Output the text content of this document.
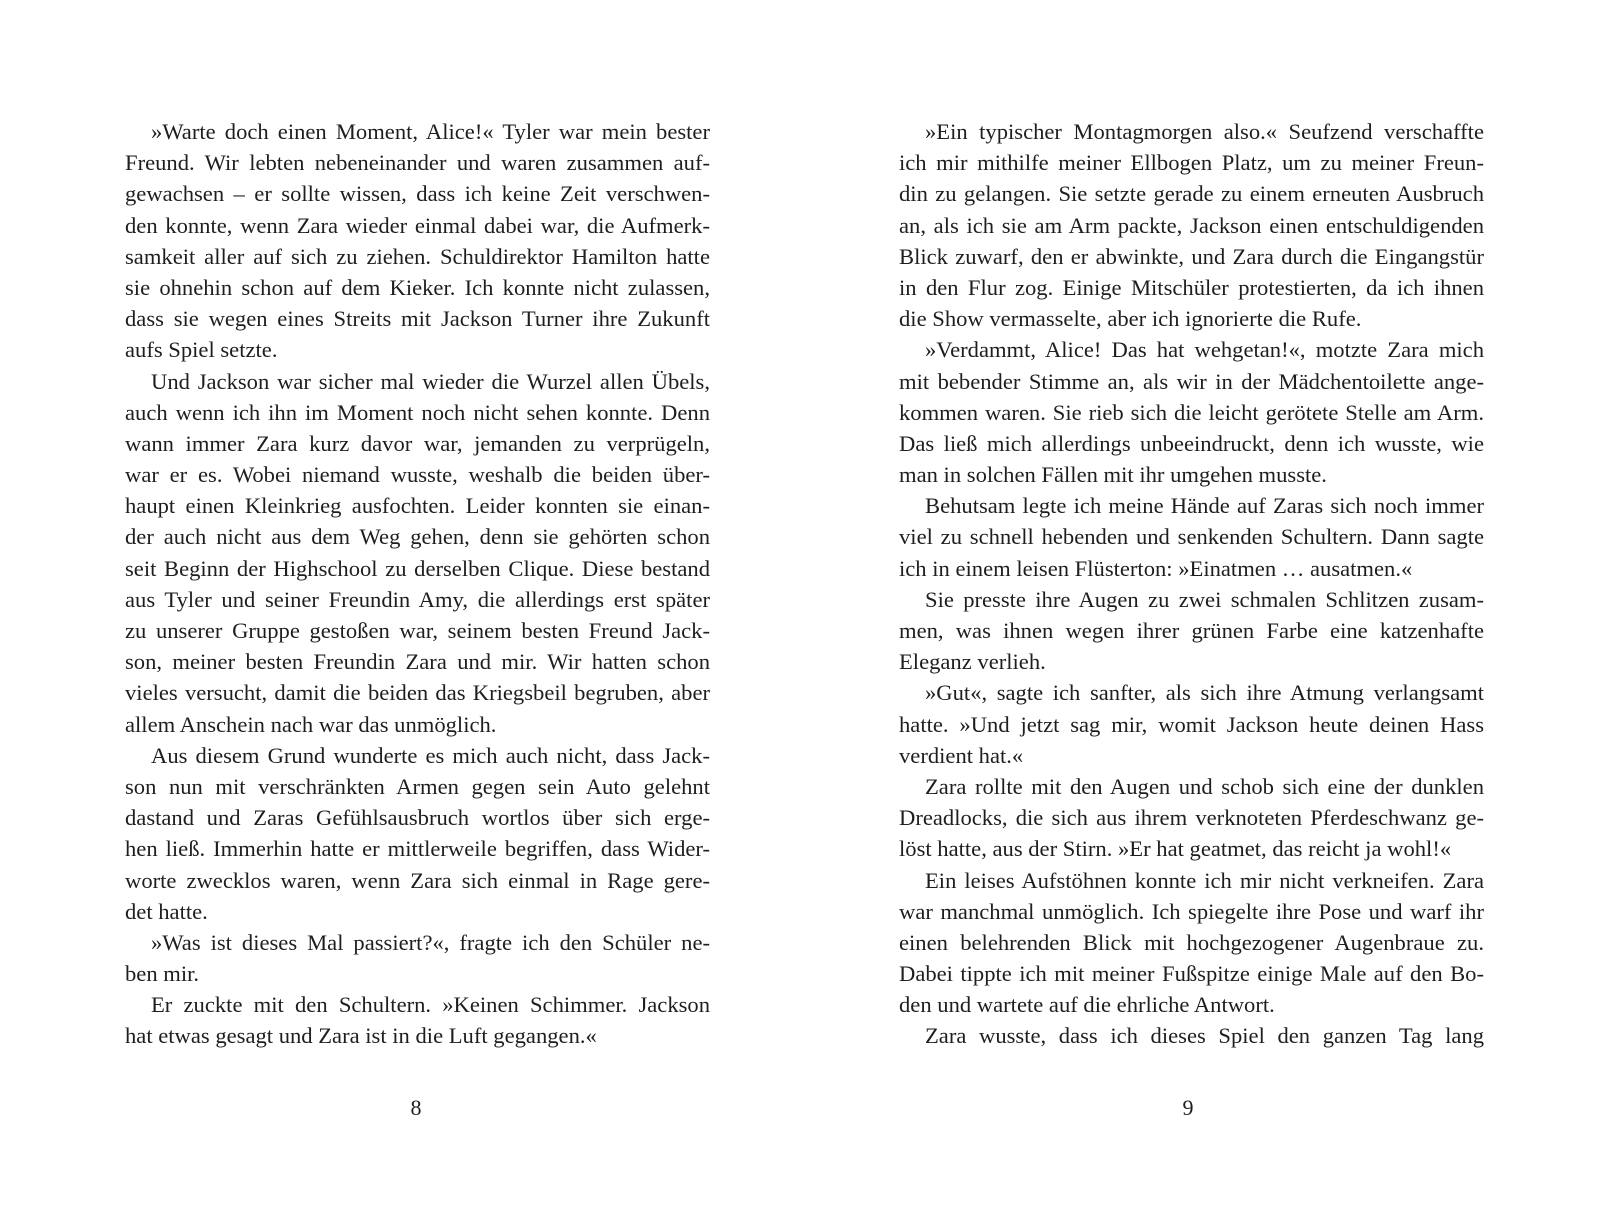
»Warte doch einen Moment, Alice!« Tyler war mein bester
Freund. Wir lebten nebeneinander und waren zusammen auf-
gewachsen – er sollte wissen, dass ich keine Zeit verschwen-
den konnte, wenn Zara wieder einmal dabei war, die Aufmerk-
samkeit aller auf sich zu ziehen. Schuldirektor Hamilton hatte
sie ohnehin schon auf dem Kieker. Ich konnte nicht zulassen,
dass sie wegen eines Streits mit Jackson Turner ihre Zukunft
aufs Spiel setzte.
Und Jackson war sicher mal wieder die Wurzel allen Übels,
auch wenn ich ihn im Moment noch nicht sehen konnte. Denn
wann immer Zara kurz davor war, jemanden zu verprügeln,
war er es. Wobei niemand wusste, weshalb die beiden über-
haupt einen Kleinkrieg ausfochten. Leider konnten sie einan-
der auch nicht aus dem Weg gehen, denn sie gehörten schon
seit Beginn der Highschool zu derselben Clique. Diese bestand
aus Tyler und seiner Freundin Amy, die allerdings erst später
zu unserer Gruppe gestoßen war, seinem besten Freund Jack-
son, meiner besten Freundin Zara und mir. Wir hatten schon
vieles versucht, damit die beiden das Kriegsbeil begruben, aber
allem Anschein nach war das unmöglich.
Aus diesem Grund wunderte es mich auch nicht, dass Jack-
son nun mit verschränkten Armen gegen sein Auto gelehnt
dastand und Zaras Gefühlsausbruch wortlos über sich erge-
hen ließ. Immerhin hatte er mittlerweile begriffen, dass Wider-
worte zwecklos waren, wenn Zara sich einmal in Rage gere-
det hatte.
»Was ist dieses Mal passiert?«, fragte ich den Schüler ne-
ben mir.
Er zuckte mit den Schultern. »Keinen Schimmer. Jackson
hat etwas gesagt und Zara ist in die Luft gegangen.«
8
»Ein typischer Montagmorgen also.« Seufzend verschaffte
ich mir mithilfe meiner Ellbogen Platz, um zu meiner Freun-
din zu gelangen. Sie setzte gerade zu einem erneuten Ausbruch
an, als ich sie am Arm packte, Jackson einen entschuldigenden
Blick zuwarf, den er abwinkte, und Zara durch die Eingangstür
in den Flur zog. Einige Mitschüler protestierten, da ich ihnen
die Show vermasselte, aber ich ignorierte die Rufe.
»Verdammt, Alice! Das hat wehgetan!«, motzte Zara mich
mit bebender Stimme an, als wir in der Mädchentoilette ange-
kommen waren. Sie rieb sich die leicht gerötete Stelle am Arm.
Das ließ mich allerdings unbeeindruckt, denn ich wusste, wie
man in solchen Fällen mit ihr umgehen musste.
Behutsam legte ich meine Hände auf Zaras sich noch immer
viel zu schnell hebenden und senkenden Schultern. Dann sagte
ich in einem leisen Flüsterton: »Einatmen … ausatmen.«
Sie presste ihre Augen zu zwei schmalen Schlitzen zusam-
men, was ihnen wegen ihrer grünen Farbe eine katzenhafte
Eleganz verlieh.
»Gut«, sagte ich sanfter, als sich ihre Atmung verlangsamt
hatte. »Und jetzt sag mir, womit Jackson heute deinen Hass
verdient hat.«
Zara rollte mit den Augen und schob sich eine der dunklen
Dreadlocks, die sich aus ihrem verknoteten Pferdeschwanz ge-
löst hatte, aus der Stirn. »Er hat geatmet, das reicht ja wohl!«
Ein leises Aufstöhnen konnte ich mir nicht verkneifen. Zara
war manchmal unmöglich. Ich spiegelte ihre Pose und warf ihr
einen belehrenden Blick mit hochgezogener Augenbraue zu.
Dabei tippte ich mit meiner Fußspitze einige Male auf den Bo-
den und wartete auf die ehrliche Antwort.
Zara wusste, dass ich dieses Spiel den ganzen Tag lang
9
